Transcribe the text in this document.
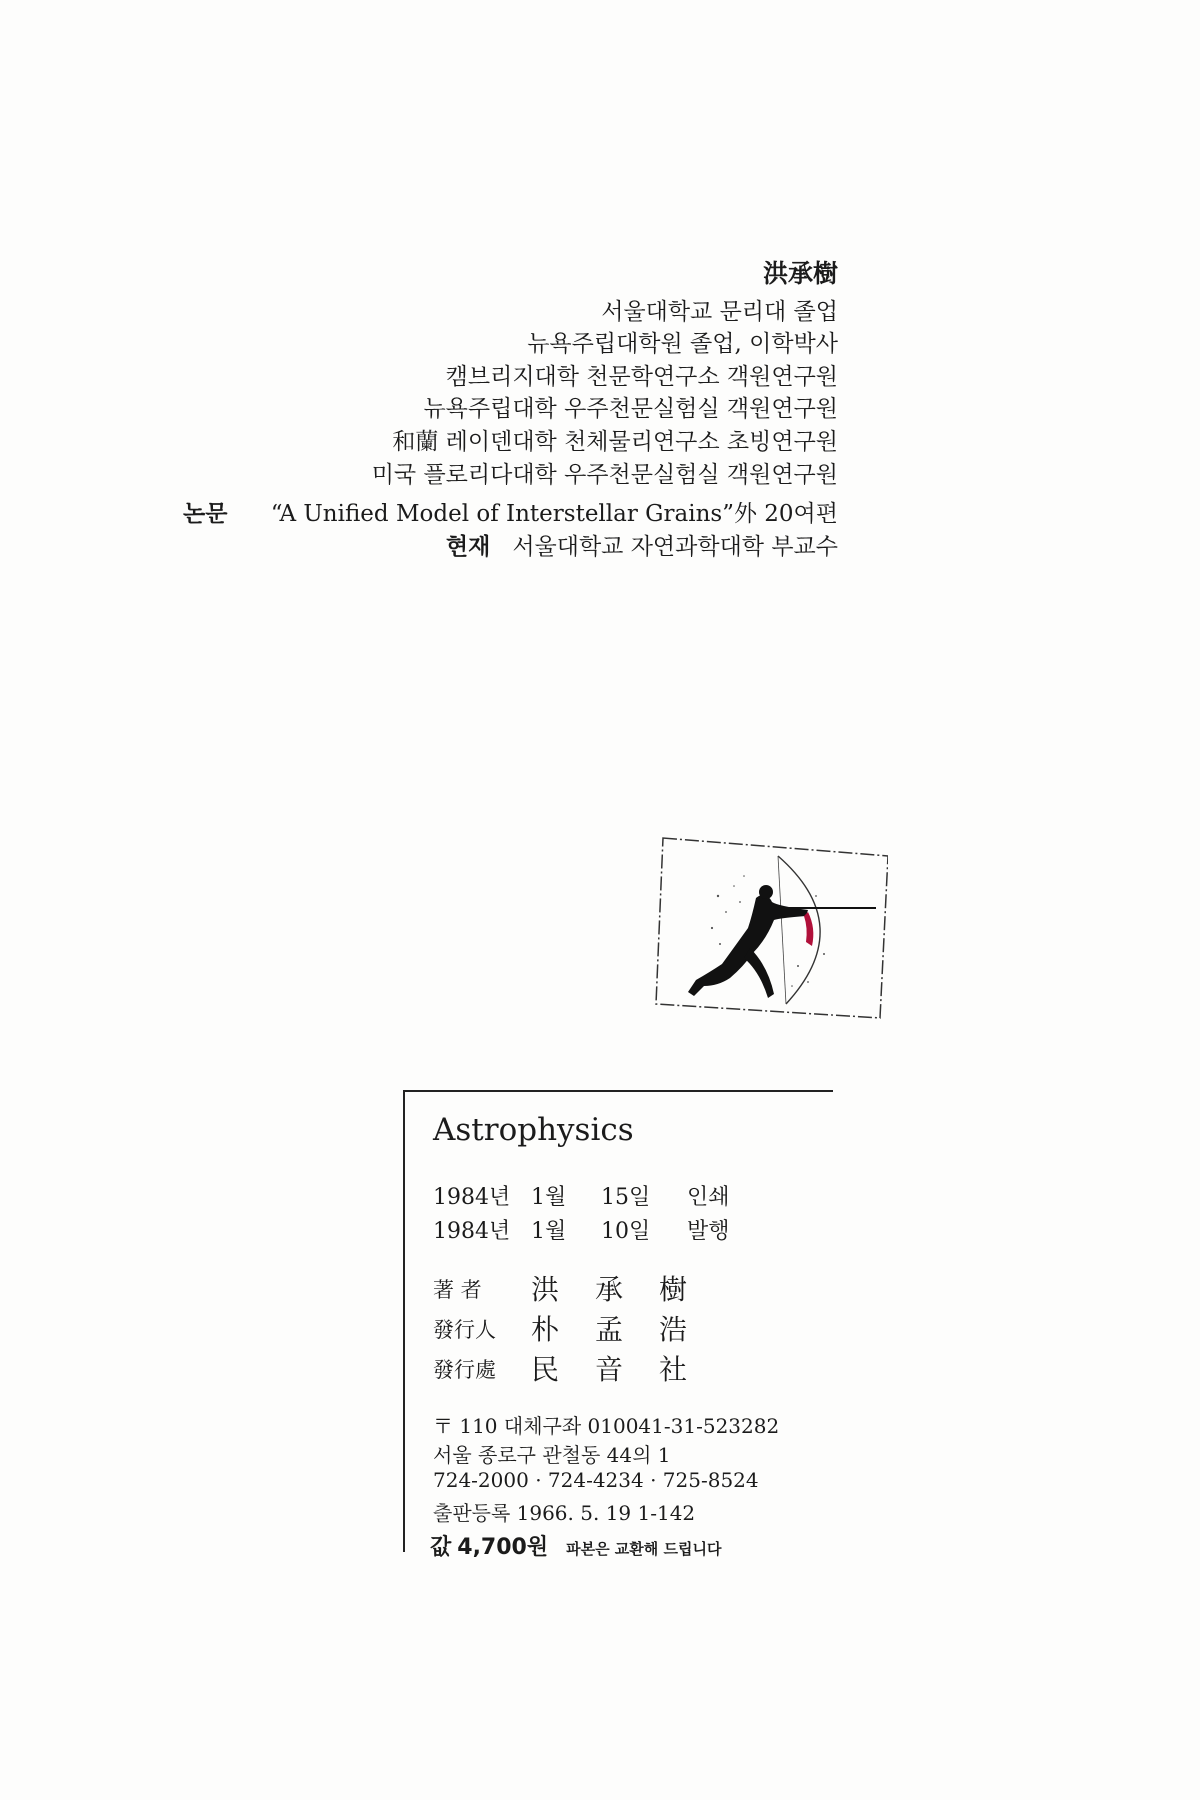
洪承樹
서울대학교 문리대 졸업
뉴욕주립대학원 졸업, 이학박사
캠브리지대학 천문학연구소 객원연구원
뉴욕주립대학 우주천문실험실 객원연구원
和蘭 레이덴대학 천체물리연구소 초빙연구원
미국 플로리다대학 우주천문실험실 객원연구원
논문 “A Unified Model of Interstellar Grains”外 20여편
현재 서울대학교 자연과학대학 부교수
Astrophysics
1984년 1월 15일 인쇄
1984년 1월 10일 발행
著 者 洪 承 樹
發行人 朴 孟 浩
發行處 民 音 社
〒 110 대체구좌 010041-31-523282
서울 종로구 관철동 44의 1
724-2000 · 724-4234 · 725-8524
출판등록 1966. 5. 19 1-142
값 4,700원 파본은 교환해 드립니다
